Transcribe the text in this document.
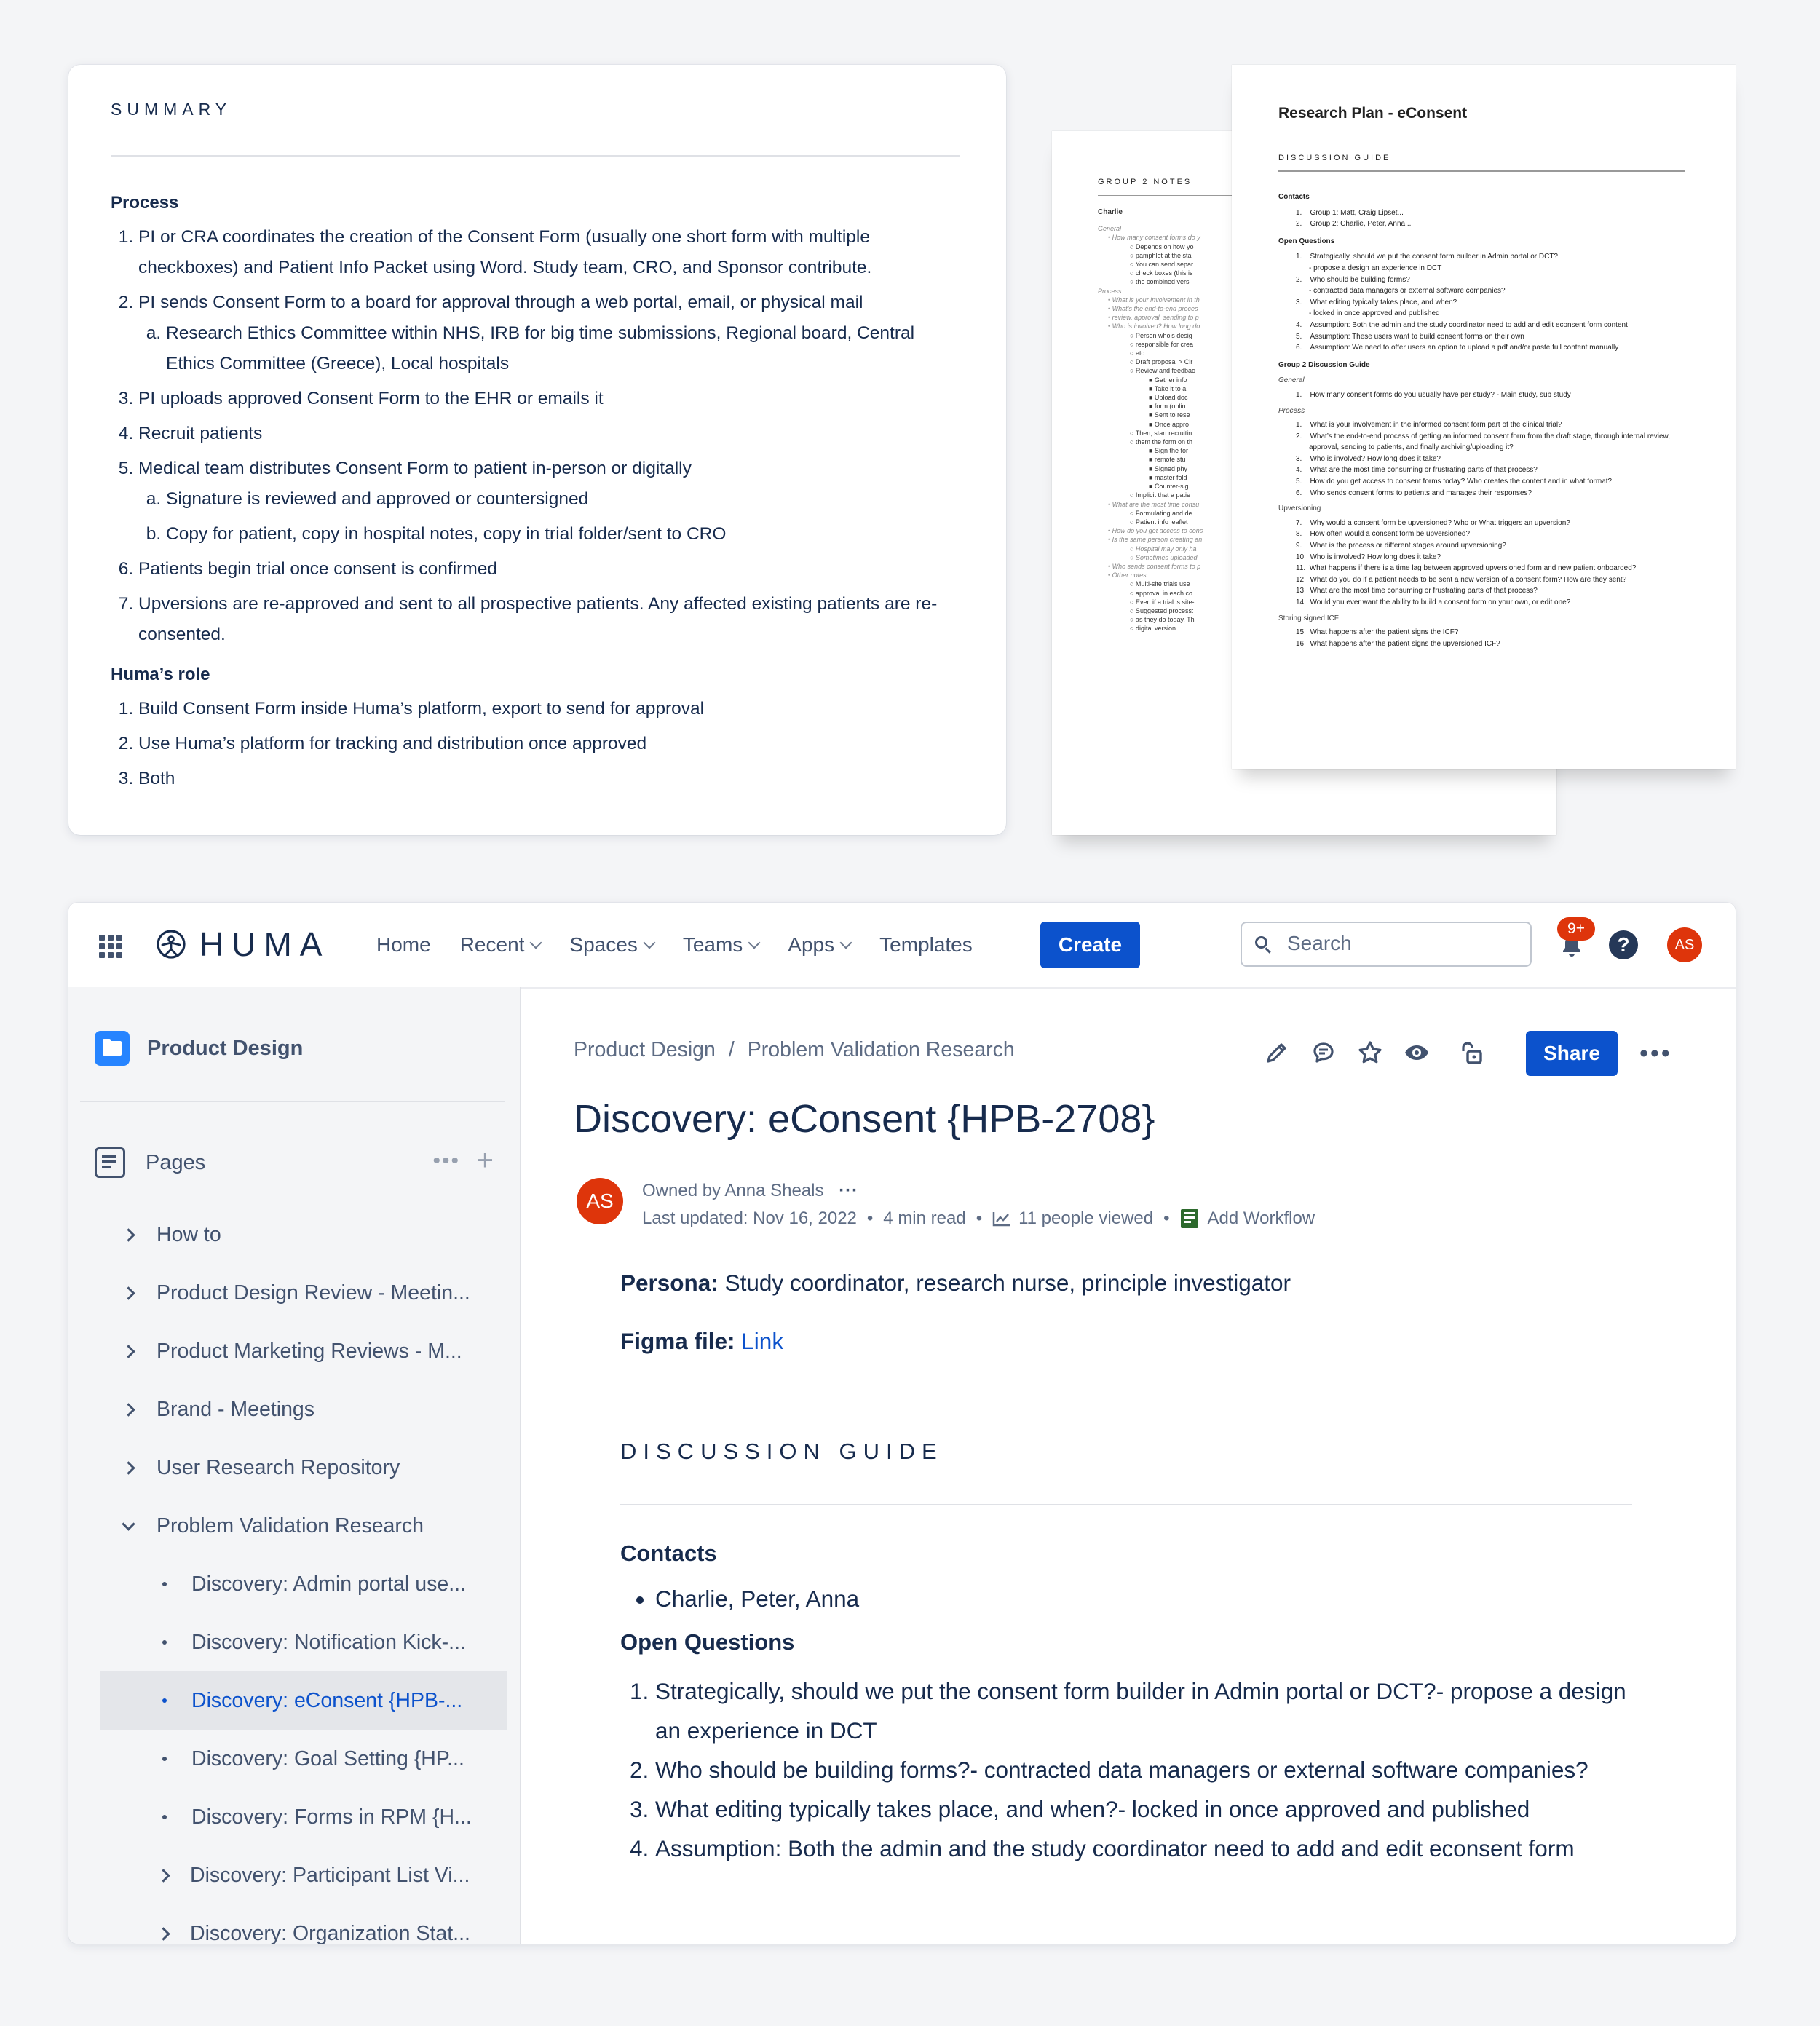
SUMMARY
Process
1. PI or CRA coordinates the creation of the Consent Form (usually one short form with multiple checkboxes) and Patient Info Packet using Word. Study team, CRO, and Sponsor contribute.
2. PI sends Consent Form to a board for approval through a web portal, email, or physical mail
a. Research Ethics Committee within NHS, IRB for big time submissions, Regional board, Central Ethics Committee (Greece), Local hospitals
3. PI uploads approved Consent Form to the EHR or emails it
4. Recruit patients
5. Medical team distributes Consent Form to patient in-person or digitally
a. Signature is reviewed and approved or countersigned
b. Copy for patient, copy in hospital notes, copy in trial folder/sent to CRO
6. Patients begin trial once consent is confirmed
7. Upversions are re-approved and sent to all prospective patients. Any affected existing patients are re-consented.
Huma’s role
1. Build Consent Form inside Huma’s platform, export to send for approval
2. Use Huma’s platform for tracking and distribution once approved
3. Both
GROUP 2 NOTES
Charlie
General
• How many consent forms do y
○ Depends on how yo
○ pamphlet at the sta
○ You can send separ
○ check boxes (this is
○ the combined versi
Process
• What is your involvement in th
• What’s the end-to-end proces
• review, approval, sending to p
• Who is involved? How long do
○ Person who’s desig
○ responsible for crea
○ etc.
○ Draft proposal > Cir
○ Review and feedbac
■ Gather info
■ Take it to a
■ Upload doc
■ form (onlin
■ Sent to rese
■ Once appro
○ Then, start recruitin
○ them the form on th
■ Sign the for
■ remote stu
■ Signed phy
■ master fold
■ Counter-sig
○ Implicit that a patie
• What are the most time consu
○ Formulating and de
○ Patient info leaflet
• How do you get access to cons
• Is the same person creating an
○ Hospital may only ha
○ Sometimes uploaded
• Who sends consent forms to p
• Other notes:
○ Multi-site trials use
○ approval in each co
○ Even if a trial is site-
○ Suggested process:
○ as they do today. Th
○ digital version
Research Plan - eConsent
DISCUSSION GUIDE
Contacts
1.    Group 1: Matt, Craig Lipset...
2.    Group 2: Charlie, Peter, Anna...
Open Questions
1.    Strategically, should we put the consent form builder in Admin portal or DCT?
- propose a design an experience in DCT
2.    Who should be building forms?
- contracted data managers or external software companies?
3.    What editing typically takes place, and when?
- locked in once approved and published
4.    Assumption: Both the admin and the study coordinator need to add and edit econsent form content
5.    Assumption: These users want to build consent forms on their own
6.    Assumption: We need to offer users an option to upload a pdf and/or paste full content manually
Group 2 Discussion Guide
General
1.    How many consent forms do you usually have per study? - Main study, sub study
Process
1.    What is your involvement in the informed consent form part of the clinical trial?
2.    What’s the end-to-end process of getting an informed consent form from the draft stage, through internal review, approval, sending to patients, and finally archiving/uploading it?
3.    Who is involved? How long does it take?
4.    What are the most time consuming or frustrating parts of that process?
5.    How do you get access to consent forms today? Who creates the content and in what format?
6.    Who sends consent forms to patients and manages their responses?
Upversioning
7.    Why would a consent form be upversioned? Who or What triggers an upversion?
8.    How often would a consent form be upversioned?
9.    What is the process or different stages around upversioning?
10.  Who is involved? How long does it take?
11.  What happens if there is a time lag between approved upversioned form and new patient onboarded?
12.  What do you do if a patient needs to be sent a new version of a consent form? How are they sent?
13.  What are the most time consuming or frustrating parts of that process?
14.  Would you ever want the ability to build a consent form on your own, or edit one?
Storing signed ICF
15.  What happens after the patient signs the ICF?
16.  What happens after the patient signs the upversioned ICF?
HUMA Home Recent Spaces Teams Apps Templates	Create	Search
9+
?	AS
Product Design
Pages	••• +
How to
Product Design Review - Meetin...
Product Marketing Reviews - M...
Brand - Meetings
User Research Repository
Problem Validation Research
Discovery: Admin portal use...
Discovery: Notification Kick-...
Discovery: eConsent {HPB-...
Discovery: Goal Setting {HP...
Discovery: Forms in RPM {H...
Discovery: Participant List Vi...
Discovery: Organization Stat...
Product Design / Problem Validation Research	Share	•••
Discovery: eConsent {HPB-2708}
AS	Owned by Anna Sheals ···
Last updated: Nov 16, 2022 • 4 min read • 11 people viewed • Add Workflow

Persona: Study coordinator, research nurse, principle investigator

Figma file: Link

DISCUSSION GUIDE
Contacts
• Charlie, Peter, Anna
Open Questions
1. Strategically, should we put the consent form builder in Admin portal or DCT?- propose a design an experience in DCT
2. Who should be building forms?- contracted data managers or external software companies?
3. What editing typically takes place, and when?- locked in once approved and published
4. Assumption: Both the admin and the study coordinator need to add and edit econsent form
